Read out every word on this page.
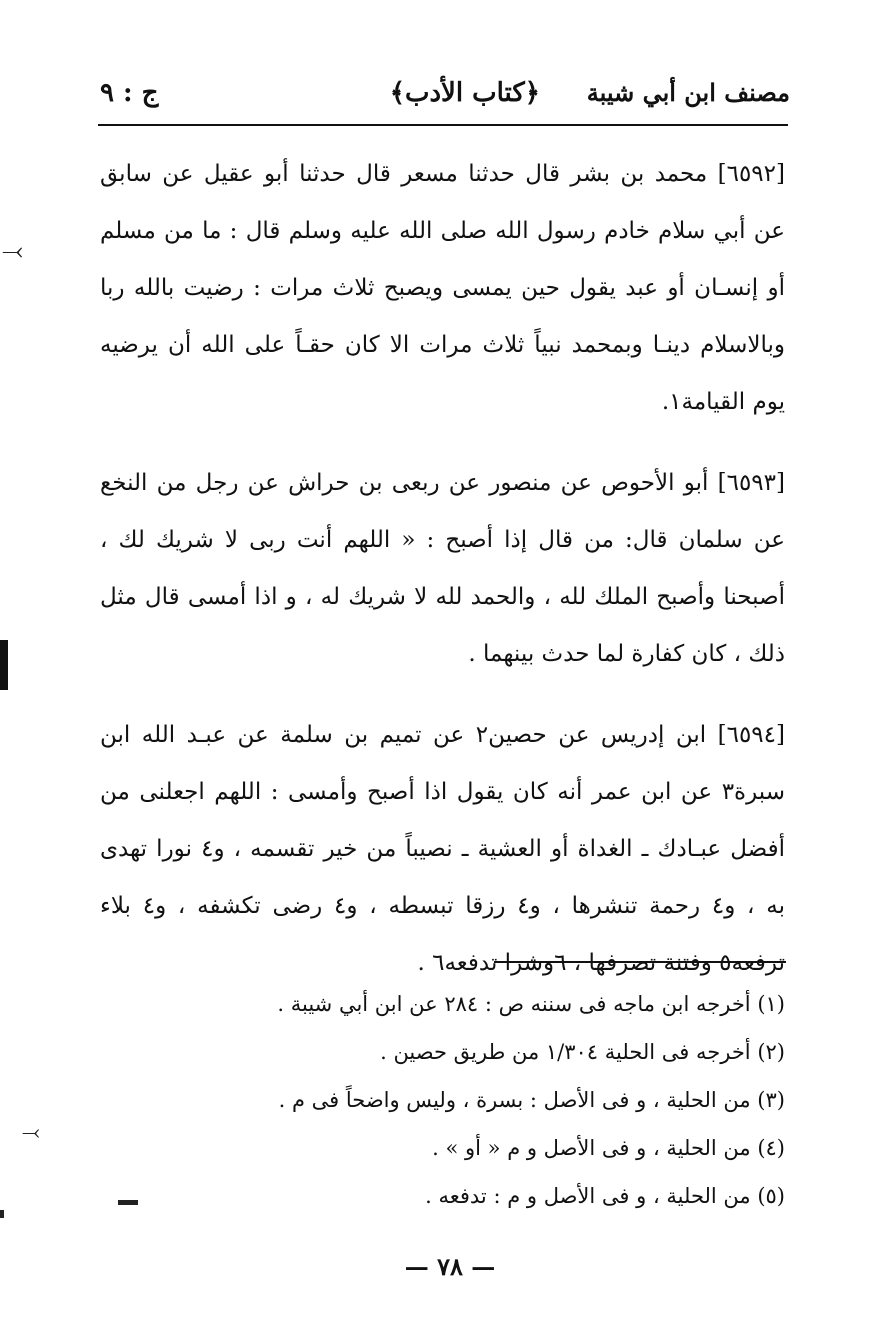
مصنف ابن أبي شيبة
﴿كتاب الأدب﴾
ج : ٩

[٦٥٩٢] محمد بن بشر قال حدثنا مسعر قال حدثنا أبو عقيل عن سابق عن أبي سلام خادم رسول الله صلى الله عليه وسلم قال : ما من مسلم أو إنسـان أو عبد يقول حين يمسى ويصبح ثلاث مرات : رضيت بالله ربا وبالاسلام دينـا وبمحمد نبياً ثلاث مرات الا كان حقـاً على الله أن يرضيه يوم القيامة١.

[٦٥٩٣] أبو الأحوص عن منصور عن ربعى بن حراش عن رجل من النخع عن سلمان قال: من قال إذا أصبح : « اللهم أنت ربى لا شريك لك ، أصبحنا وأصبح الملك لله ، والحمد لله لا شريك له ، و اذا أمسى قال مثل ذلك ، كان كفارة لما حدث بينهما .

[٦٥٩٤] ابن إدريس عن حصين٢ عن تميم بن سلمة عن عبـد الله ابن سبرة٣ عن ابن عمر أنه كان يقول اذا أصبح وأمسى : اللهم اجعلنى من أفضل عبـادك ـ الغداة أو العشية ـ نصيباً من خير تقسمه ، و٤ نورا تهدى به ، و٤ رحمة تنشرها ، و٤ رزقا تبسطه ، و٤ رضى تكشفه ، و٤ بلاء ترفعه٥ وفتنة تصرفها ، ٦وشرا تدفعه٦ .

(١) أخرجه ابن ماجه فى سننه ص : ٢٨٤ عن ابن أبي شيبة .
(٢) أخرجه فى الحلية ١/٣٠٤ من طريق حصين .
(٣) من الحلية ، و فى الأصل : بسرة ، وليس واضحاً فى م .
(٤) من الحلية ، و فى الأصل و م « أو » .
(٥) من الحلية ، و فى الأصل و م : تدفعه .
— ٧٨ —
⤙
⤙
